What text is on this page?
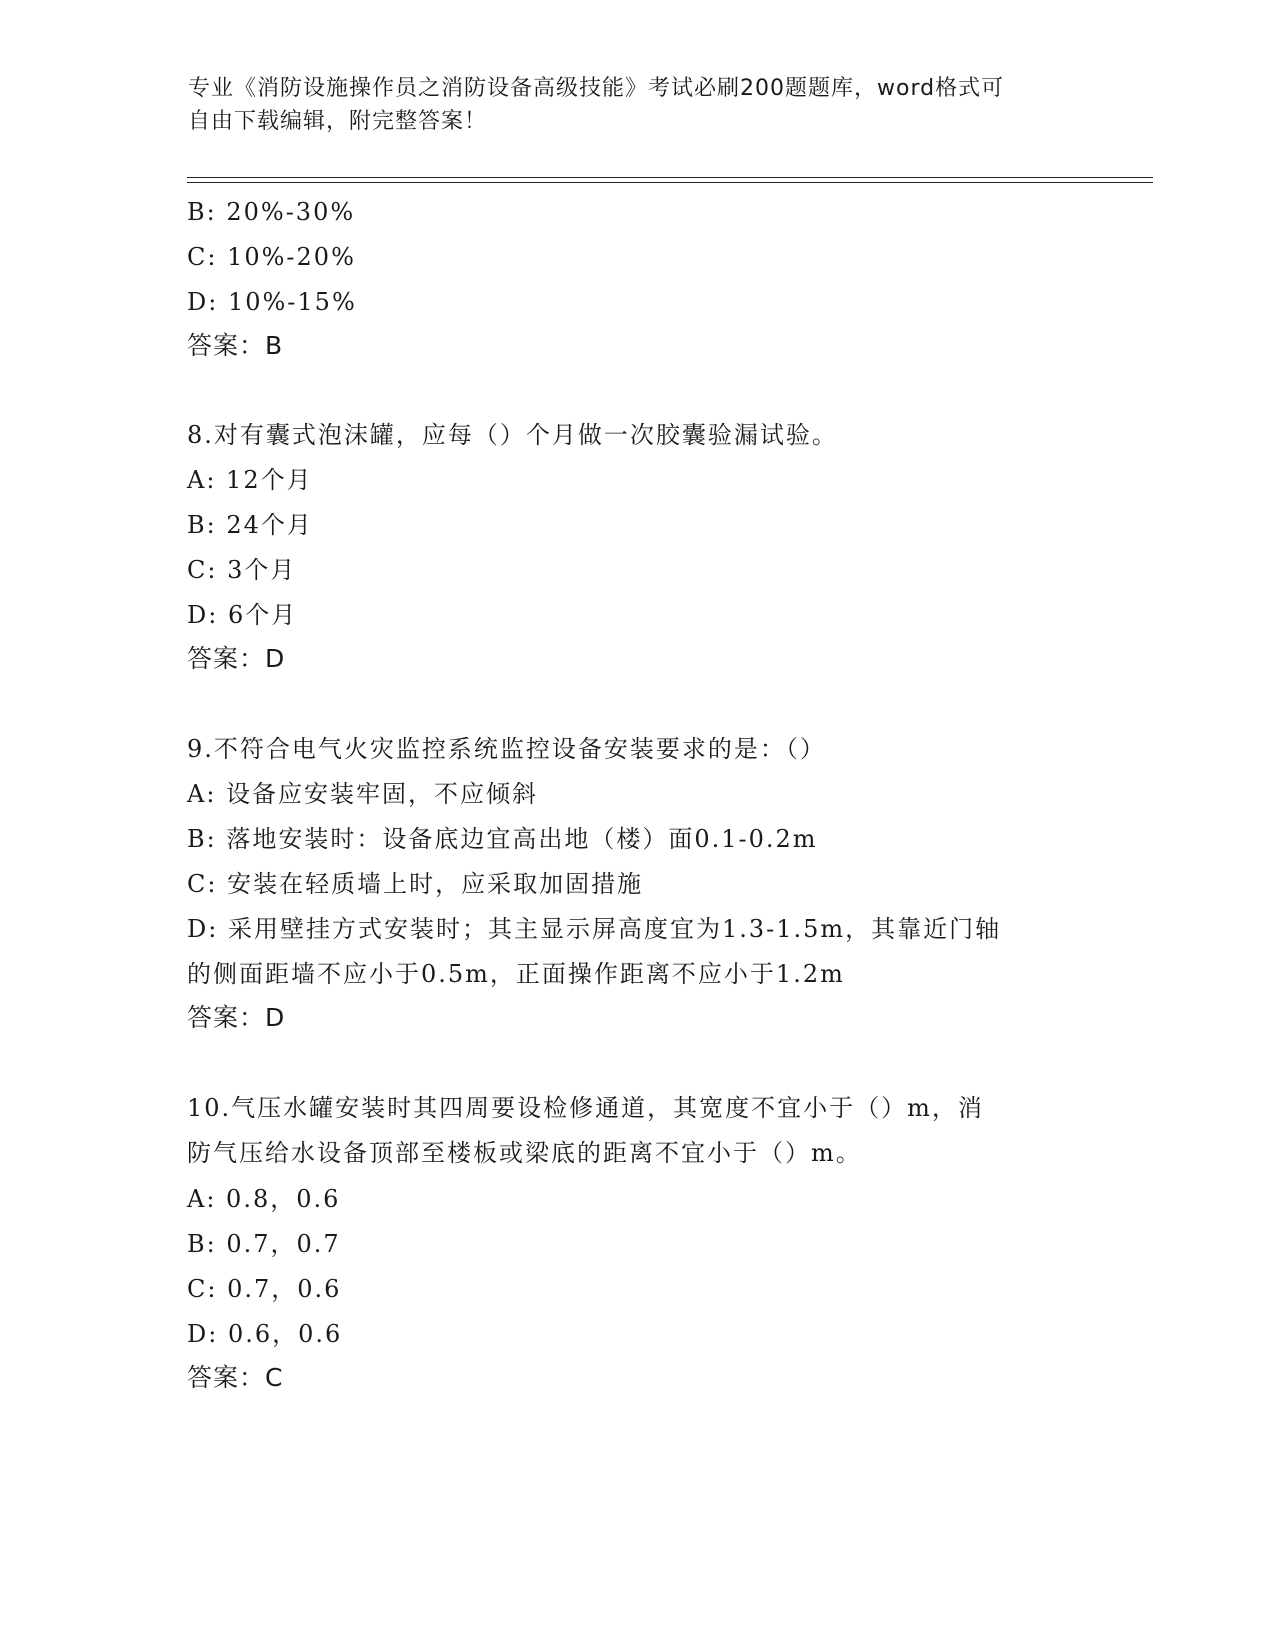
专业《消防设施操作员之消防设备高级技能》考试必刷200题题库，word格式可
自由下载编辑，附完整答案！
B: 20%-30%
C: 10%-20%
D: 10%-15%
答案：B
8.对有囊式泡沫罐，应每（）个月做一次胶囊验漏试验。
A: 12个月
B: 24个月
C: 3个月
D: 6个月
答案：D
9.不符合电气火灾监控系统监控设备安装要求的是：（）
A: 设备应安装牢固，不应倾斜
B: 落地安装时：设备底边宜高出地（楼）面0.1-0.2m
C: 安装在轻质墙上时，应采取加固措施
D: 采用壁挂方式安装时；其主显示屏高度宜为1.3-1.5m，其靠近门轴
的侧面距墙不应小于0.5m，正面操作距离不应小于1.2m
答案：D
10.气压水罐安装时其四周要设检修通道，其宽度不宜小于（）m，消
防气压给水设备顶部至楼板或梁底的距离不宜小于（）m。
A: 0.8，0.6
B: 0.7，0.7
C: 0.7，0.6
D: 0.6，0.6
答案：C
